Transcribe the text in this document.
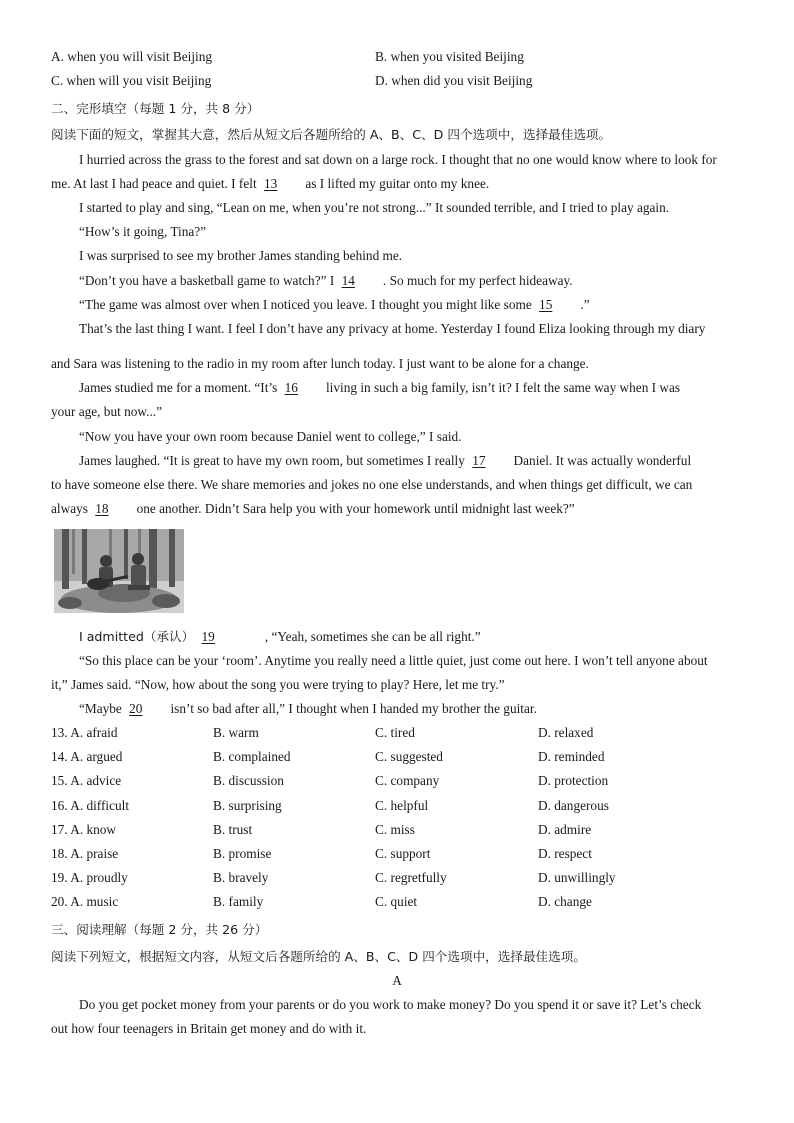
A. when you will visit Beijing	B. when you visited Beijing
C. when will you visit Beijing	D. when did you visit Beijing
二、完形填空（每题 1 分，共 8 分）
阅读下面的短文，掌握其大意，然后从短文后各题所给的 A、B、C、D 四个选项中，选择最佳选项。
I hurried across the grass to the forest and sat down on a large rock. I thought that no one would know where to look for
me. At last I had peace and quiet. I felt 13 as I lifted my guitar onto my knee.
I started to play and sing, “Lean on me, when you’re not strong...” It sounded terrible, and I tried to play again.
“How’s it going, Tina?”
I was surprised to see my brother James standing behind me.
“Don’t you have a basketball game to watch?” I 14 . So much for my perfect hideaway.
“The game was almost over when I noticed you leave. I thought you might like some 15 .”
That’s the last thing I want. I feel I don’t have any privacy at home. Yesterday I found Eliza looking through my diary
and Sara was listening to the radio in my room after lunch today. I just want to be alone for a change.
James studied me for a moment. “It’s 16 living in such a big family, isn’t it? I felt the same way when I was
your age, but now...”
“Now you have your own room because Daniel went to college,” I said.
James laughed. “It is great to have my own room, but sometimes I really 17 Daniel. It was actually wonderful
to have someone else there. We share memories and jokes no one else understands, and when things get difficult, we can
always 18 one another. Didn’t Sara help you with your homework until midnight last week?”
I admitted（承认） 19	, “Yeah, sometimes she can be all right.”
“So this place can be your ‘room’. Anytime you really need a little quiet, just come out here. I won’t tell anyone about
it,” James said. “Now, how about the song you were trying to play? Here, let me try.”
“Maybe 20 isn’t so bad after all,” I thought when I handed my brother the guitar.
13. A. afraid	B. warm	C. tired	D. relaxed
14. A. argued	B. complained	C. suggested	D. reminded
15. A. advice	B. discussion	C. company	D. protection
16. A. difficult	B. surprising	C. helpful	D. dangerous
17. A. know	B. trust	C. miss	D. admire
18. A. praise	B. promise	C. support	D. respect
19. A. proudly	B. bravely	C. regretfully	D. unwillingly
20. A. music	B. family	C. quiet	D. change
三、阅读理解（每题 2 分，共 26 分）
阅读下列短文，根据短文内容，从短文后各题所给的 A、B、C、D 四个选项中，选择最佳选项。
A
Do you get pocket money from your parents or do you work to make money? Do you spend it or save it? Let’s check
out how four teenagers in Britain get money and do with it.
